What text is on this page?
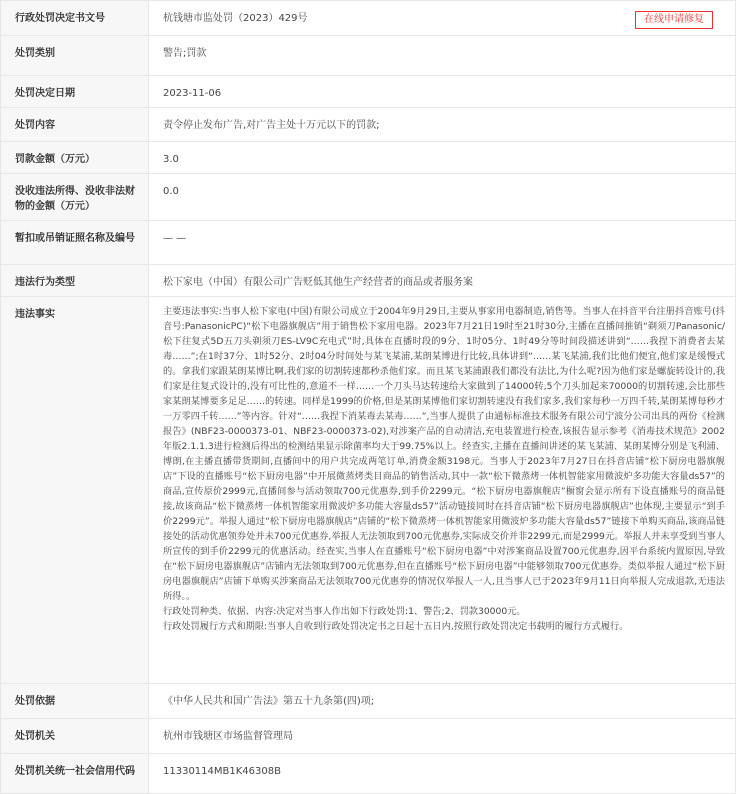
行政处罚决定书文号	杭钱塘市监处罚（2023）429号 在线申请修复

处罚类别	警告;罚款
处罚决定日期	2023-11-06
处罚内容	责令停止发布广告,对广告主处十万元以下的罚款;
罚款金额（万元）	3.0
没收违法所得、没收非法财物的金额（万元）	0.0
暂扣或吊销证照名称及编号	— —
违法行为类型	松下家电（中国）有限公司广告贬低其他生产经营者的商品或者服务案
违法事实	主要违法事实:当事人松下家电(中国)有限公司成立于2004年9月29日,主要从事家用电器制造,销售等。当事人在抖音平台注册抖音账号(抖音号:PanasonicPC)“松下电器旗舰店”用于销售松下家用电器。2023年7月21日19时至21时30分,主播在直播间推销“剃须刀Panasonic/松下往复式5D五刀头剃须刀ES-LV9C充电式”时,具体在直播时段的9分、1时05分、1时49分等时间段描述讲到“……我捏下消费者去某毒……”;在1时37分、1时52分、2时04分时间处与某飞某浦,某朗某博进行比较,具体讲到“……某飞某浦,我们比他们便宜,他们家是缓慢式的。拿我们家跟某朗某博比啊,我们家的切割转速都秒杀他们家。而且某飞某浦跟我们都没有法比,为什么呢?因为他们家是螺旋转设计的,我们家是往复式设计的,没有可比性的,意道不一样……一个刀头马达转速给大家做到了14000转,5个刀头加起来70000的切割转速,会比那些家某朗某博要多足足……的转速。同样是1999的价格,但是某朗某博他们家切割转速没有我们家多,我们家每秒一万四千转,某朗某博每秒才一万零四千转……”等内容。针对“……我捏下消某毒去某毒……”,当事人提供了由通标标准技术服务有限公司宁波分公司出具的两份《检测报告》(NBF23-0000373-01、NBF23-0000373-02),对涉案产品的自动清洁,充电装置进行检查,该报告显示参考《消毒技术规范》2002年版2.1.1.3进行检测后得出的检测结果显示除菌率均大于99.75%以上。经查实,主播在直播间讲述的某飞某浦、某朗某博分别是飞利浦、博朗,在主播直播带货期间,直播间中的用户共完成两笔订单,消费金额3198元。当事人于2023年7月27日在抖音店铺“松下厨房电器旗舰店”下设的直播账号“松下厨房电器”中开展微蒸烤类目商品的销售活动,其中一款“松下微蒸烤一体机智能家用微波炉多功能大容量ds57”的商品,宣传原价2999元,直播间参与活动领取700元优惠券,到手价2299元。“松下厨房电器旗舰店”橱窗会显示所有下设直播账号的商品链接,故该商品“松下微蒸烤一体机智能家用微波炉多功能大容量ds57”活动链接同时在抖音店铺“松下厨房电器旗舰店”也体现,主要显示“到手价2299元”。举报人通过“松下厨房电器旗舰店”店铺的“松下微蒸烤一体机智能家用微波炉多功能大容量ds57”链接下单购买商品,该商品链接处的活动优惠领券处并未700元优惠券,举报人无法领取到700元优惠券,实际成交价并非2299元,而是2999元。举报人并未享受到当事人所宣传的到手价2299元的优惠活动。经查实,当事人在直播账号“松下厨房电器”中对涉案商品设置700元优惠券,因平台系统内置原因,导致在“松下厨房电器旗舰店”店铺内无法领取到700元优惠券,但在直播账号“松下厨房电器”中能够领取700元优惠券。类似举报人通过“松下厨房电器旗舰店”店铺下单购买涉案商品无法领取700元优惠券的情况仅举报人一人,且当事人已于2023年9月11日向举报人完成退款,无违法所得。。

行政处罚种类、依据、内容:决定对当事人作出如下行政处罚:1、警告;2、罚款30000元。

行政处罚履行方式和期限:当事人自收到行政处罚决定书之日起十五日内,按照行政处罚决定书载明的履行方式履行。

处罚依据	《中华人民共和国广告法》第五十九条第(四)项;
处罚机关	杭州市钱塘区市场监督管理局
处罚机关统一社会信用代码	11330114MB1K46308B
